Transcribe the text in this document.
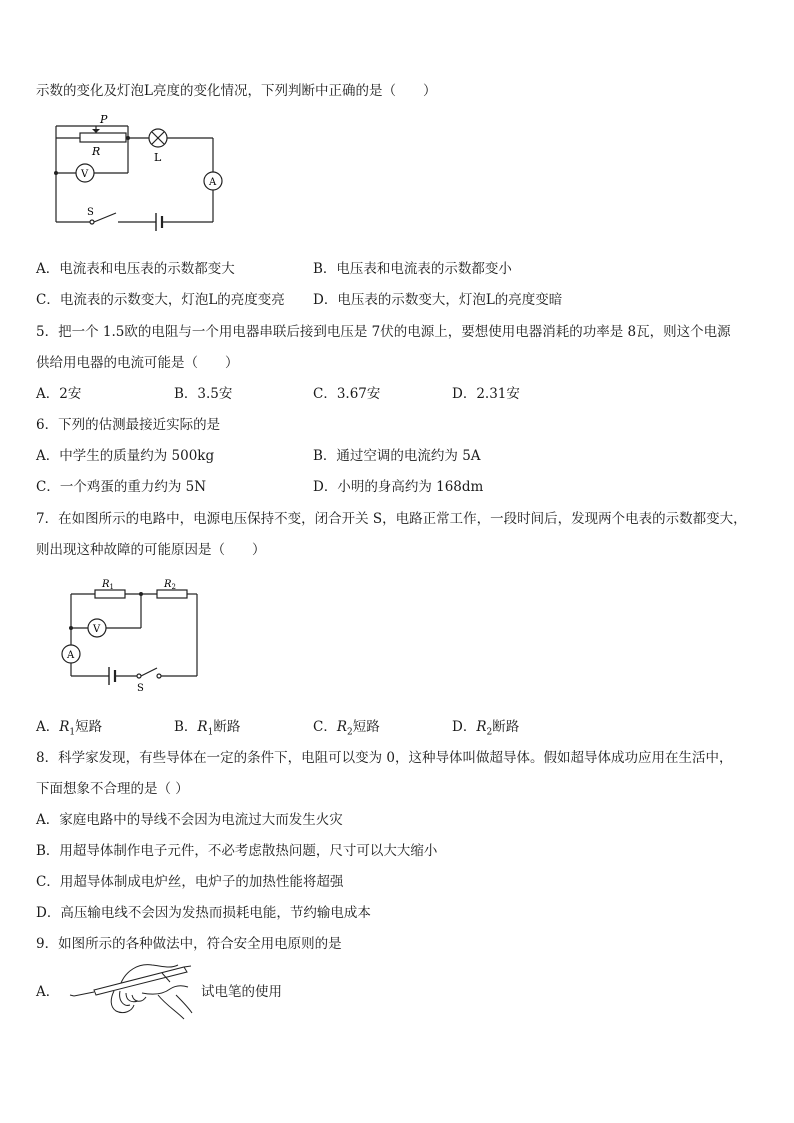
示数的变化及灯泡L亮度的变化情况，下列判断中正确的是（　　）
P
R	L
V
A
S
A．电流表和电压表的示数都变大	B．电压表和电流表的示数都变小
C．电流表的示数变大，灯泡L的亮度变亮 D．电压表的示数变大，灯泡L的亮度变暗
5．把一个 1.5欧的电阻与一个用电器串联后接到电压是 7伏的电源上，要想使用电器消耗的功率是 8瓦，则这个电源
供给用电器的电流可能是（　　）
A．2安	B．3.5安	C．3.67安	D．2.31安
6．下列的估测最接近实际的是
A．中学生的质量约为 500kg	B．通过空调的电流约为 5A
C．一个鸡蛋的重力约为 5N	D．小明的身高约为 168dm
7．在如图所示的电路中，电源电压保持不变，闭合开关 S，电路正常工作，一段时间后，发现两个电表的示数都变大，
则出现这种故障的可能原因是（　　）
$R_1$	$R_2$
V
A
S
A．$R_1$短路	B．$R_1$断路	C．$R_2$短路	D．$R_2$断路
8．科学家发现，有些导体在一定的条件下，电阻可以变为 0，这种导体叫做超导体。假如超导体成功应用在生活中，
下面想象不合理的是（ ）
A．家庭电路中的导线不会因为电流过大而发生火灾
B．用超导体制作电子元件，不必考虑散热问题，尺寸可以大大缩小
C．用超导体制成电炉丝，电炉子的加热性能将超强
D．高压输电线不会因为发热而损耗电能，节约输电成本
9．如图所示的各种做法中，符合安全用电原则的是
A．	试电笔的使用
